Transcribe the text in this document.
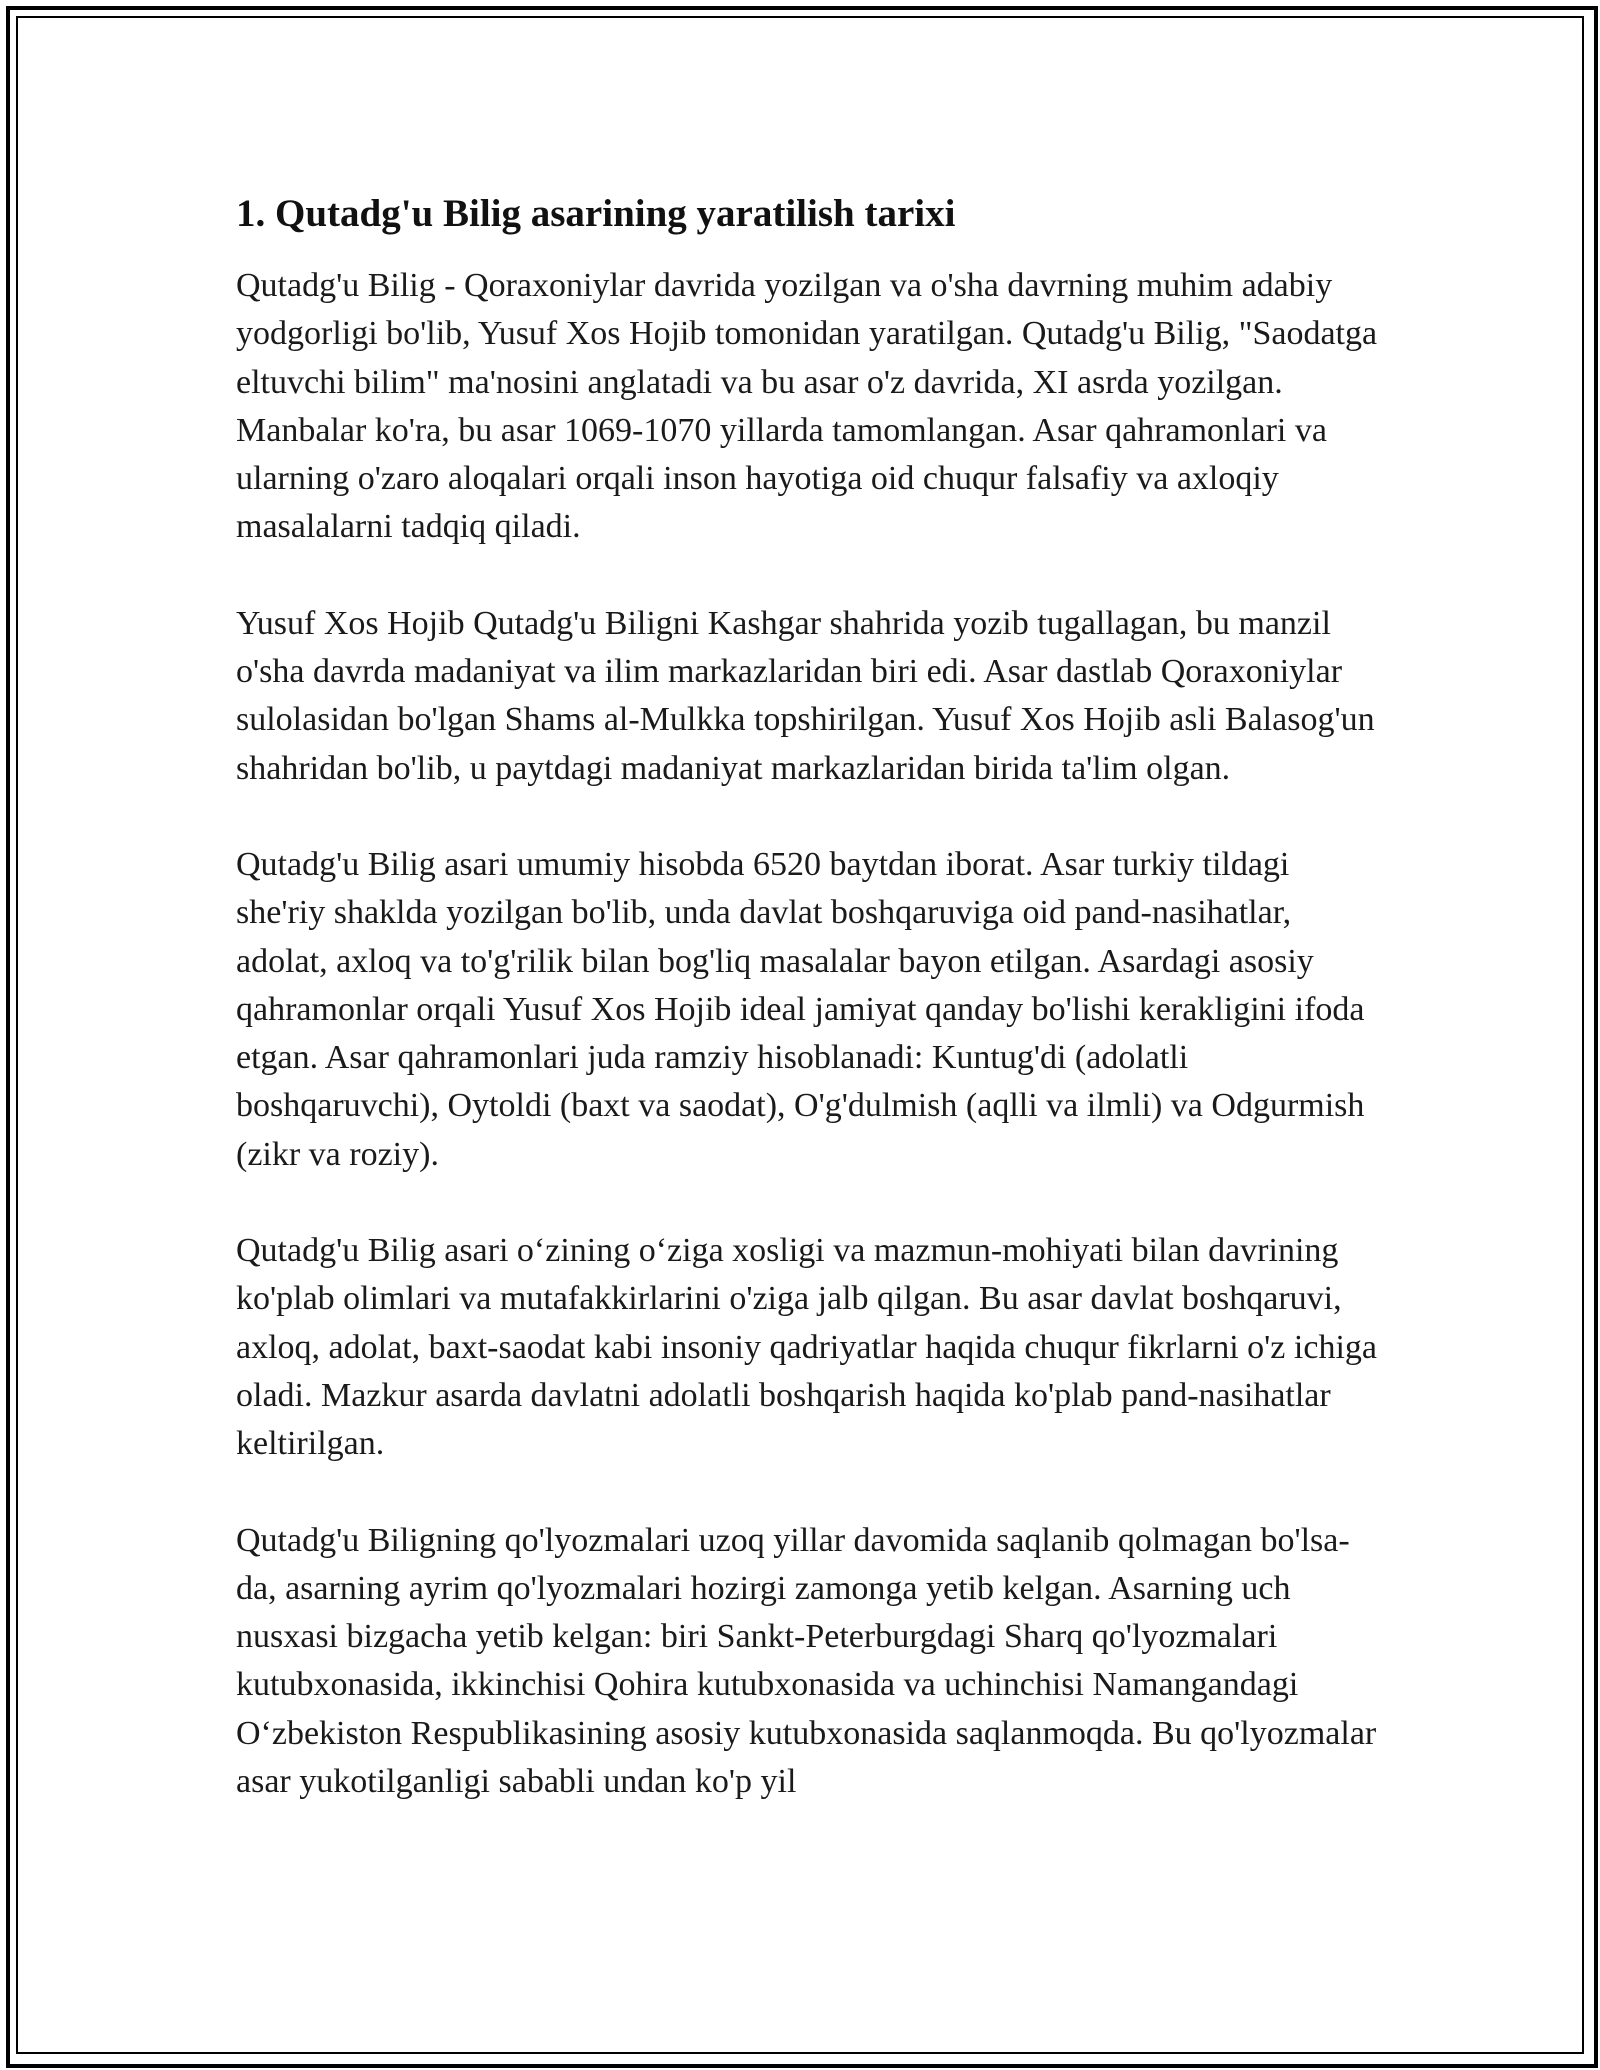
1. Qutadg'u Bilig asarining yaratilish tarixi

Qutadg'u Bilig - Qoraxoniylar davrida yozilgan va o'sha davrning muhim adabiy yodgorligi bo'lib, Yusuf Xos Hojib tomonidan yaratilgan. Qutadg'u Bilig, "Saodatga eltuvchi bilim" ma'nosini anglatadi va bu asar o'z davrida, XI asrda yozilgan. Manbalar ko'ra, bu asar 1069-1070 yillarda tamomlangan. Asar qahramonlari va ularning o'zaro aloqalari orqali inson hayotiga oid chuqur falsafiy va axloqiy masalalarni tadqiq qiladi.

Yusuf Xos Hojib Qutadg'u Biligni Kashgar shahrida yozib tugallagan, bu manzil o'sha davrda madaniyat va ilim markazlaridan biri edi. Asar dastlab Qoraxoniylar sulolasidan bo'lgan Shams al-Mulkka topshirilgan. Yusuf Xos Hojib asli Balasog'un shahridan bo'lib, u paytdagi madaniyat markazlaridan birida ta'lim olgan.

Qutadg'u Bilig asari umumiy hisobda 6520 baytdan iborat. Asar turkiy tildagi she'riy shaklda yozilgan bo'lib, unda davlat boshqaruviga oid pand-nasihatlar, adolat, axloq va to'g'rilik bilan bog'liq masalalar bayon etilgan. Asardagi asosiy qahramonlar orqali Yusuf Xos Hojib ideal jamiyat qanday bo'lishi kerakligini ifoda etgan. Asar qahramonlari juda ramziy hisoblanadi: Kuntug'di (adolatli boshqaruvchi), Oytoldi (baxt va saodat), O'g'dulmish (aqlli va ilmli) va Odgurmish (zikr va roziy).

Qutadg'u Bilig asari o‘zining o‘ziga xosligi va mazmun-mohiyati bilan davrining ko'plab olimlari va mutafakkirlarini o'ziga jalb qilgan. Bu asar davlat boshqaruvi, axloq, adolat, baxt-saodat kabi insoniy qadriyatlar haqida chuqur fikrlarni o'z ichiga oladi. Mazkur asarda davlatni adolatli boshqarish haqida ko'plab pand-nasihatlar keltirilgan.

Qutadg'u Biligning qo'lyozmalari uzoq yillar davomida saqlanib qolmagan bo'lsa-da, asarning ayrim qo'lyozmalari hozirgi zamonga yetib kelgan. Asarning uch nusxasi bizgacha yetib kelgan: biri Sankt-Peterburgdagi Sharq qo'lyozmalari kutubxonasida, ikkinchisi Qohira kutubxonasida va uchinchisi Namangandagi O‘zbekiston Respublikasining asosiy kutubxonasida saqlanmoqda. Bu qo'lyozmalar asar yukotilganligi sababli undan ko'p yil
